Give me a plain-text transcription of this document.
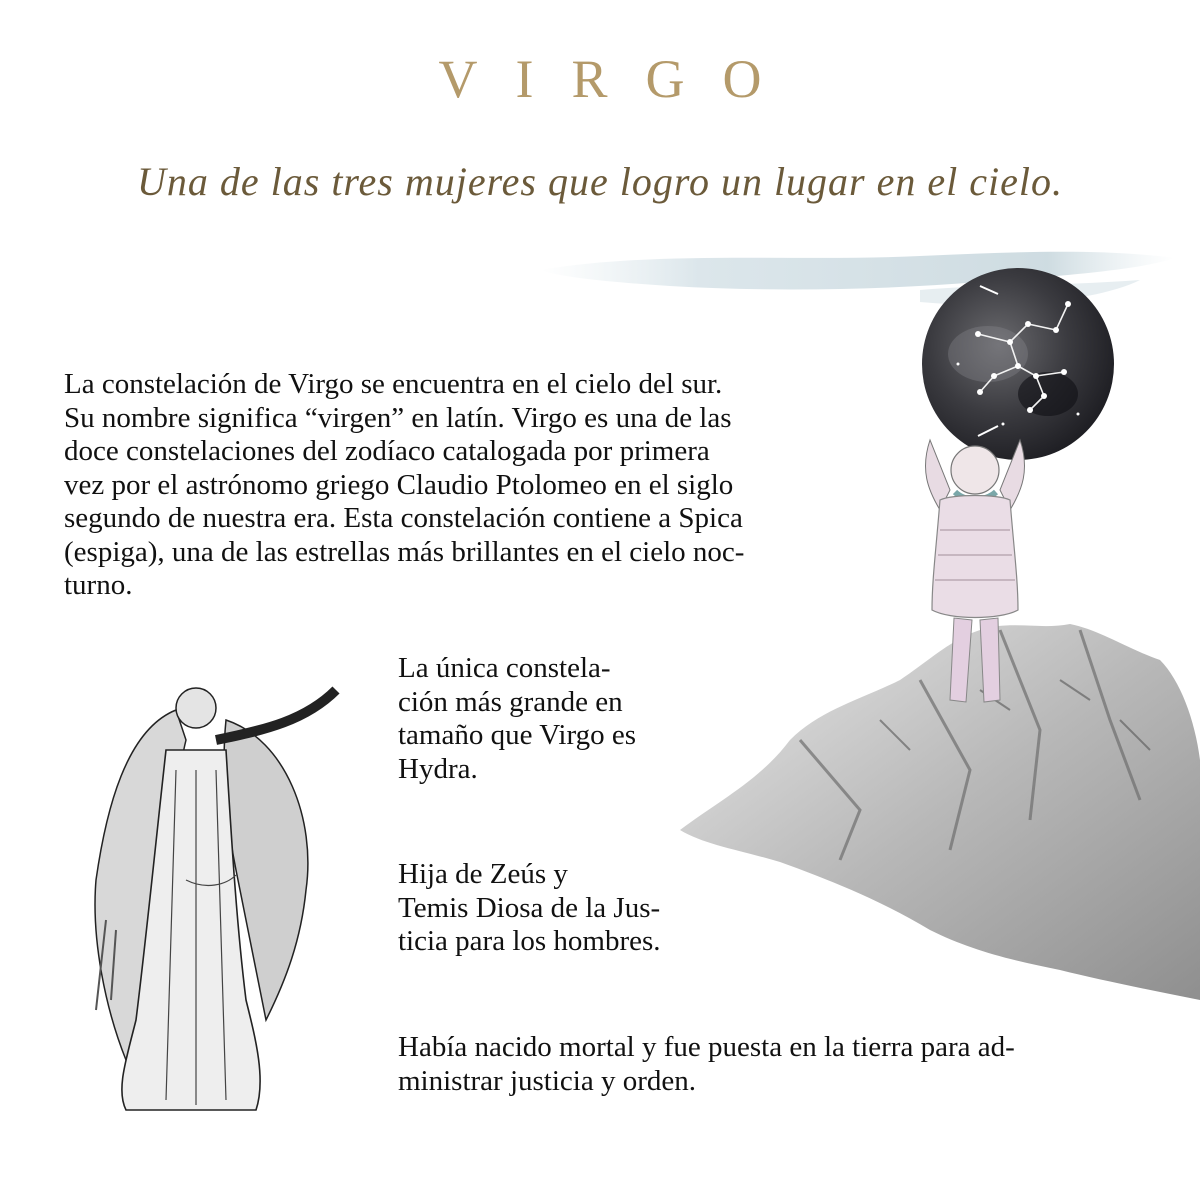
VIRGO
Una de las tres mujeres que logro un lugar en el cielo.
La constelación de Virgo se encuentra en el cielo del sur.
Su nombre significa “virgen” en latín. Virgo es una de las
doce constelaciones del zodíaco catalogada por primera
vez por el astrónomo griego Claudio Ptolomeo en el siglo
segundo de nuestra era. Esta constelación contiene a Spica
(espiga), una de las estrellas más brillantes en el cielo noc-
turno.
La única constela-
ción más grande en
tamaño que Virgo es
Hydra.
Hija de Zeús y
Temis Diosa de la Jus-
ticia para los hombres.
Había nacido mortal y fue puesta en la tierra para ad-
ministrar justicia y orden.
